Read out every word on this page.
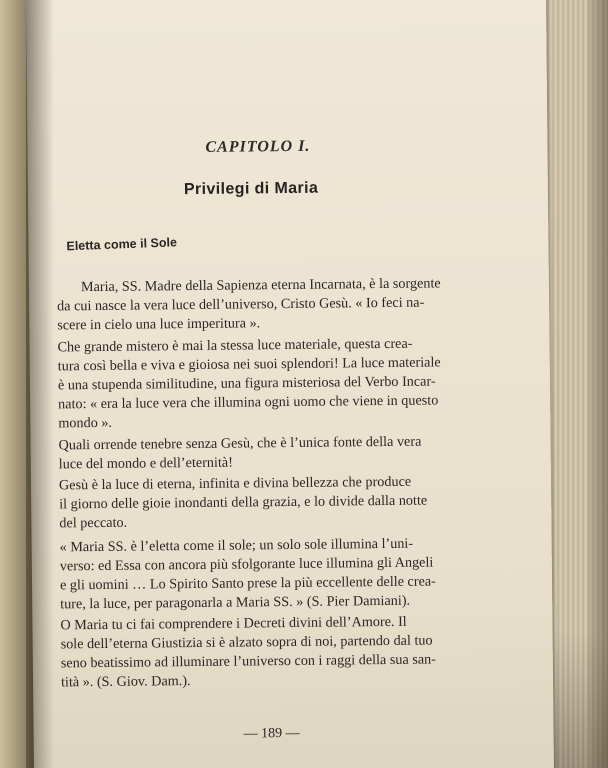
CAPITOLO I.
Privilegi di Maria
Eletta come il Sole

Maria, SS. Madre della Sapienza eterna Incarnata, è la sorgente
da cui nasce la vera luce dell’universo, Cristo Gesù. « Io feci na-
scere in cielo una luce imperitura ».

Che grande mistero è mai la stessa luce materiale, questa crea-
tura così bella e viva e gioiosa nei suoi splendori! La luce materiale
è una stupenda similitudine, una figura misteriosa del Verbo Incar-
nato: « era la luce vera che illumina ogni uomo che viene in questo
mondo ».

Quali orrende tenebre senza Gesù, che è l’unica fonte della vera
luce del mondo e dell’eternità!

Gesù è la luce di eterna, infinita e divina bellezza che produce
il giorno delle gioie inondanti della grazia, e lo divide dalla notte
del peccato.

« Maria SS. è l’eletta come il sole; un solo sole illumina l’uni-
verso: ed Essa con ancora più sfolgorante luce illumina gli Angeli
e gli uomini … Lo Spirito Santo prese la più eccellente delle crea-
ture, la luce, per paragonarla a Maria SS. » (S. Pier Damiani).

O Maria tu ci fai comprendere i Decreti divini dell’Amore. Il
sole dell’eterna Giustizia si è alzato sopra di noi, partendo dal tuo
seno beatissimo ad illuminare l’universo con i raggi della sua san-
tità ». (S. Giov. Dam.).

— 189 —
